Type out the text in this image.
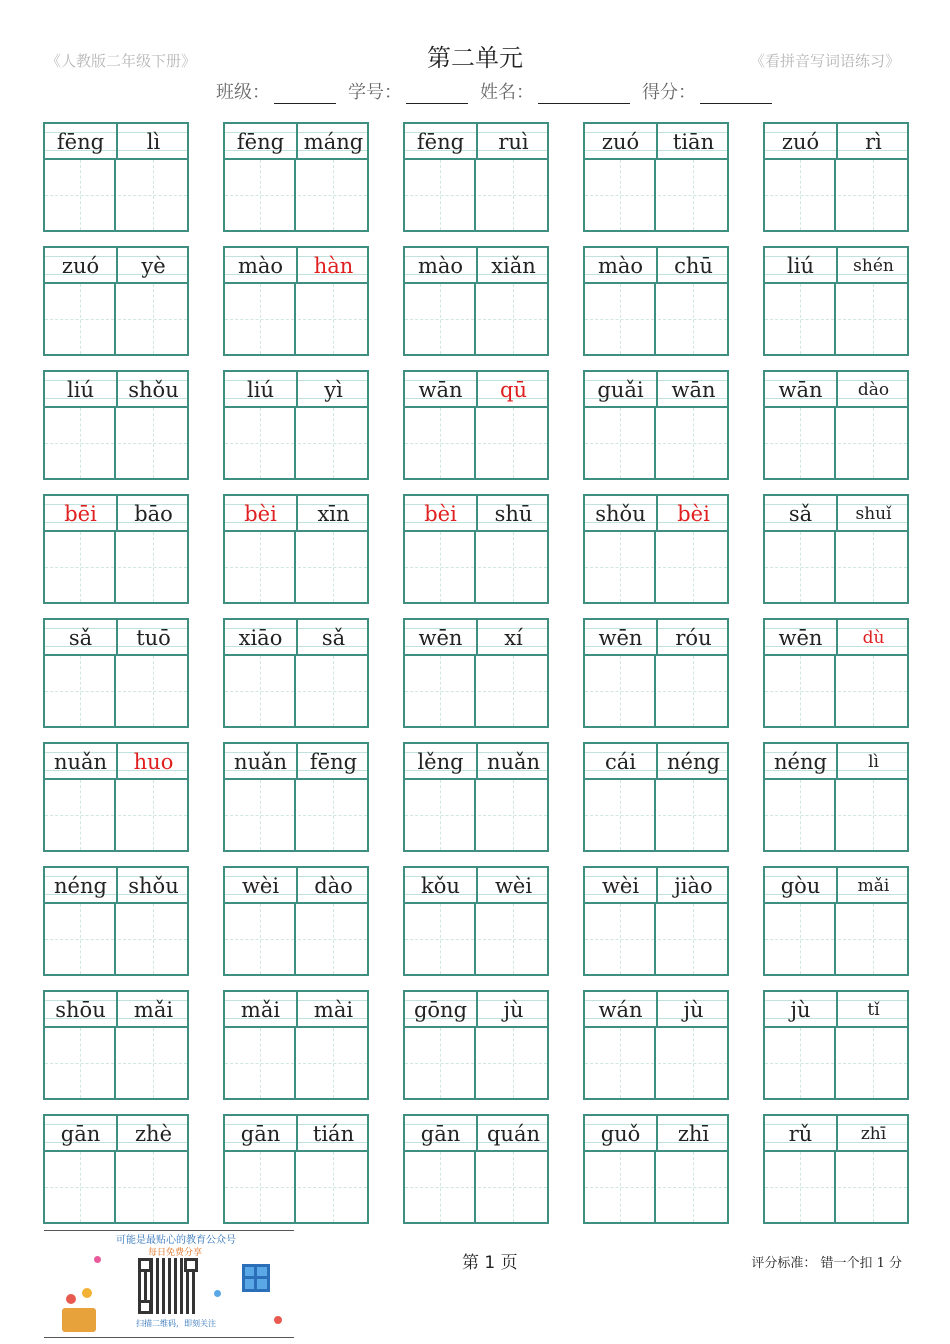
《人教版二年级下册》	第二单元	《看拼音写词语练习》
班级：	学号：	姓名：	得分：
fēng	lì	fēng máng	fēng	ruì	zuó	tiān	zuó	rì
zuó	yè	mào	hàn	mào	xiǎn	mào	chū	liú	shén
liú	shǒu	liú	yì	wān	qū	guǎi	wān	wān	dào
bēi	bāo	bèi	xīn	bèi	shū	shǒu	bèi	sǎ	shuǐ
sǎ	tuō	xiāo	sǎ	wēn	xí	wēn	róu	wēn	dù
nuǎn	huo	nuǎn	fēng	lěng	nuǎn	cái	néng	néng	lì
néng	shǒu	wèi	dào	kǒu	wèi	wèi	jiào	gòu	mǎi
shōu	mǎi	mǎi	mài	gōng	jù	wán	jù	jù	tǐ
gān	zhè	gān	tián	gān	quán	guǒ	zhī	rǔ	zhī
可能是最贴心的教育公众号
每日免费分享
扫描二维码，即刻关注
第 1 页	评分标准： 错一个扣 1 分
